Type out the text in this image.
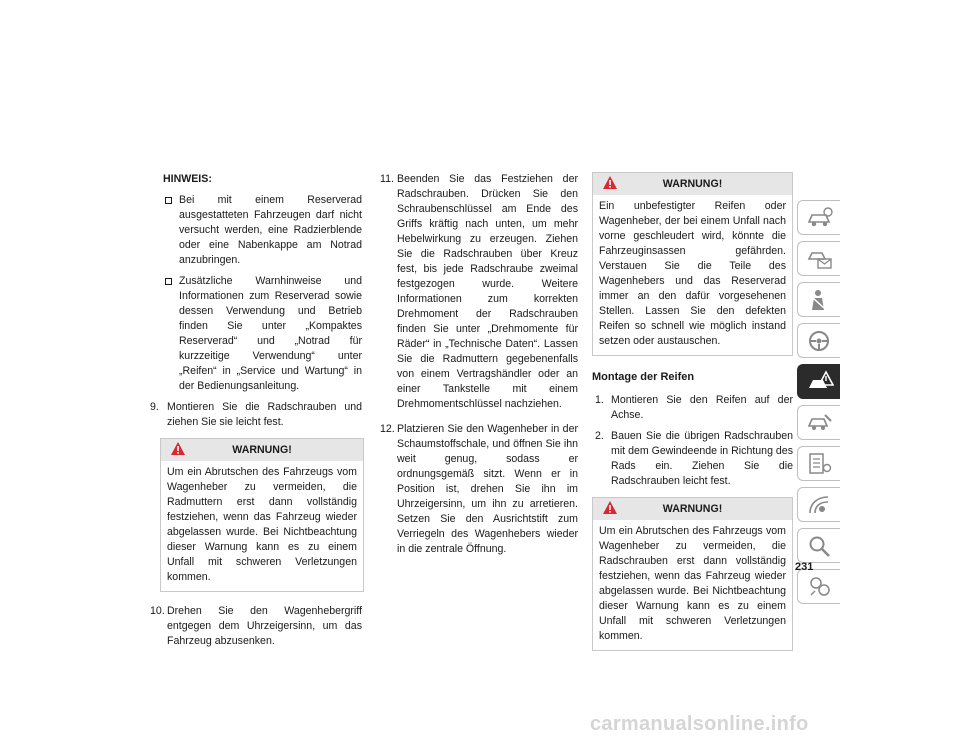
HINWEIS:
Bei mit einem Reserverad ausgestatteten Fahrzeugen darf nicht versucht werden, eine Radzierblende oder eine Nabenkappe am Notrad anzubringen.
Zusätzliche Warnhinweise und Informationen zum Reserverad sowie dessen Verwendung und Betrieb finden Sie unter „Kompaktes Reserverad“ und „Notrad für kurzzeitige Verwendung“ unter „Reifen“ in „Service und Wartung“ in der Bedienungsanleitung.
9. Montieren Sie die Radschrauben und ziehen Sie sie leicht fest.
WARNUNG!
Um ein Abrutschen des Fahrzeugs vom Wagenheber zu vermeiden, die Radmuttern erst dann vollständig festziehen, wenn das Fahrzeug wieder abgelassen wurde. Bei Nichtbeachtung dieser Warnung kann es zu einem Unfall mit schweren Verletzungen kommen.
10. Drehen Sie den Wagenhebergriff entgegen dem Uhrzeigersinn, um das Fahrzeug abzusenken.
11. Beenden Sie das Festziehen der Radschrauben. Drücken Sie den Schraubenschlüssel am Ende des Griffs kräftig nach unten, um mehr Hebelwirkung zu erzeugen. Ziehen Sie die Radschrauben über Kreuz fest, bis jede Radschraube zweimal festgezogen wurde. Weitere Informationen zum korrekten Drehmoment der Radschrauben finden Sie unter „Drehmomente für Räder“ in „Technische Daten“. Lassen Sie die Radmuttern gegebenenfalls von einem Vertragshändler oder an einer Tankstelle mit einem Drehmomentschlüssel nachziehen.
12. Platzieren Sie den Wagenheber in der Schaumstoffschale, und öffnen Sie ihn weit genug, sodass er ordnungsgemäß sitzt. Wenn er in Position ist, drehen Sie ihn im Uhrzeigersinn, um ihn zu arretieren. Setzen Sie den Ausrichtstift zum Verriegeln des Wagenhebers wieder in die zentrale Öffnung.
WARNUNG!
Ein unbefestigter Reifen oder Wagenheber, der bei einem Unfall nach vorne geschleudert wird, könnte die Fahrzeuginsassen gefährden. Verstauen Sie die Teile des Wagenhebers und das Reserverad immer an den dafür vorgesehenen Stellen. Lassen Sie den defekten Reifen so schnell wie möglich instand setzen oder austauschen.
Montage der Reifen
1. Montieren Sie den Reifen auf der Achse.
2. Bauen Sie die übrigen Radschrauben mit dem Gewindeende in Richtung des Rads ein. Ziehen Sie die Radschrauben leicht fest.
WARNUNG!
Um ein Abrutschen des Fahrzeugs vom Wagenheber zu vermeiden, die Radschrauben erst dann vollständig festziehen, wenn das Fahrzeug wieder abgelassen wurde. Bei Nichtbeachtung dieser Warnung kann es zu einem Unfall mit schweren Verletzungen kommen.
231
carmanualsonline.info
